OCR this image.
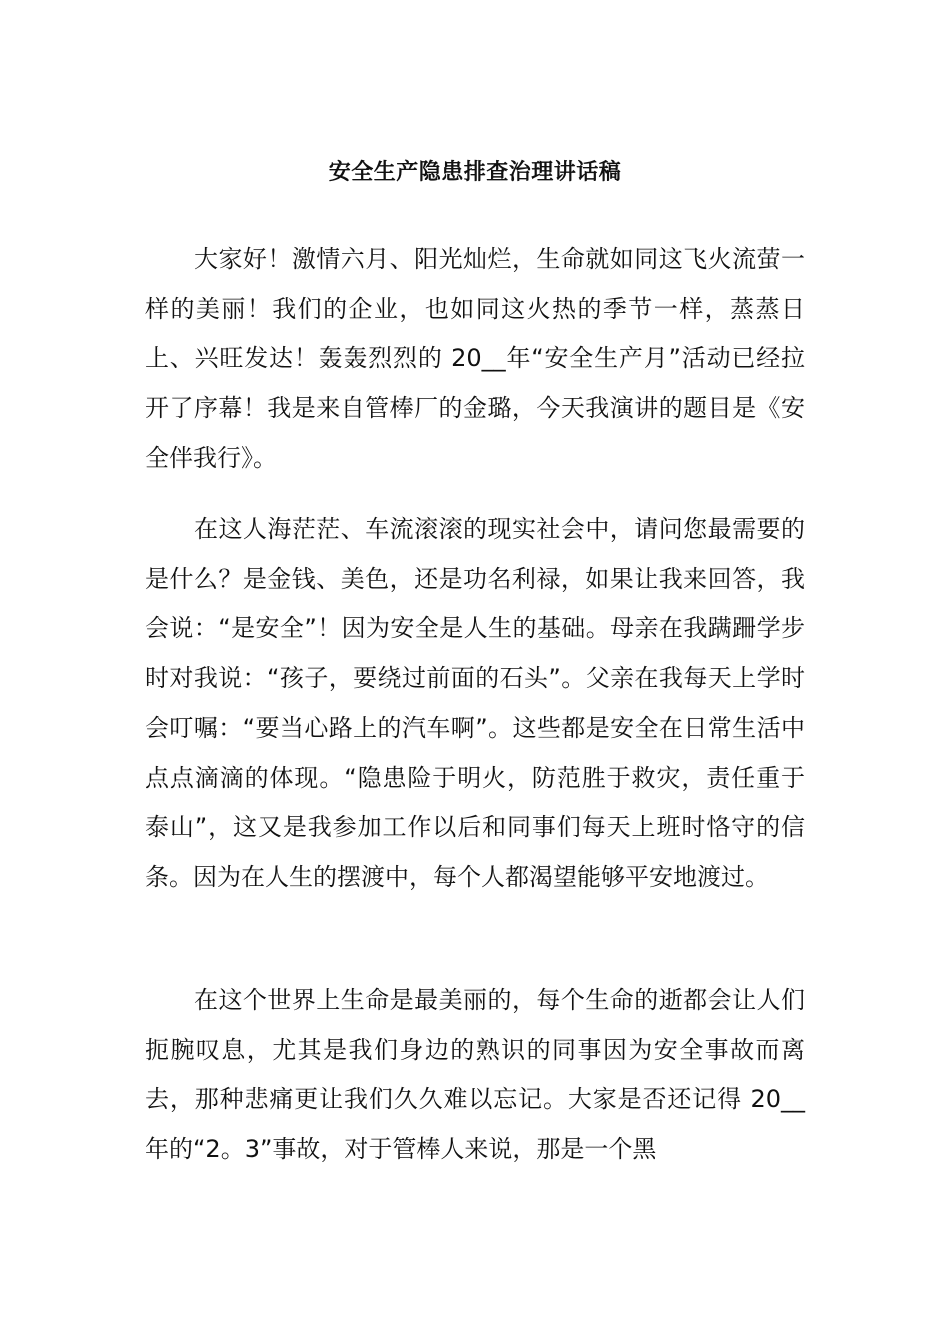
安全生产隐患排查治理讲话稿

大家好！激情六月、阳光灿烂，生命就如同这飞火流萤一样的美丽！我们的企业，也如同这火热的季节一样，蒸蒸日上、兴旺发达！轰轰烈烈的 20__年“安全生产月”活动已经拉开了序幕！我是来自管棒厂的金璐，今天我演讲的题目是《安全伴我行》。

在这人海茫茫、车流滚滚的现实社会中，请问您最需要的是什么？是金钱、美色，还是功名利禄，如果让我来回答，我会说：“是安全”！因为安全是人生的基础。母亲在我蹒跚学步时对我说：“孩子，要绕过前面的石头”。父亲在我每天上学时会叮嘱：“要当心路上的汽车啊”。这些都是安全在日常生活中点点滴滴的体现。“隐患险于明火，防范胜于救灾，责任重于泰山”，这又是我参加工作以后和同事们每天上班时恪守的信条。因为在人生的摆渡中，每个人都渴望能够平安地渡过。

在这个世界上生命是最美丽的，每个生命的逝都会让人们扼腕叹息，尤其是我们身边的熟识的同事因为安全事故而离去，那种悲痛更让我们久久难以忘记。大家是否还记得 20__年的“2。3”事故，对于管棒人来说，那是一个黑
